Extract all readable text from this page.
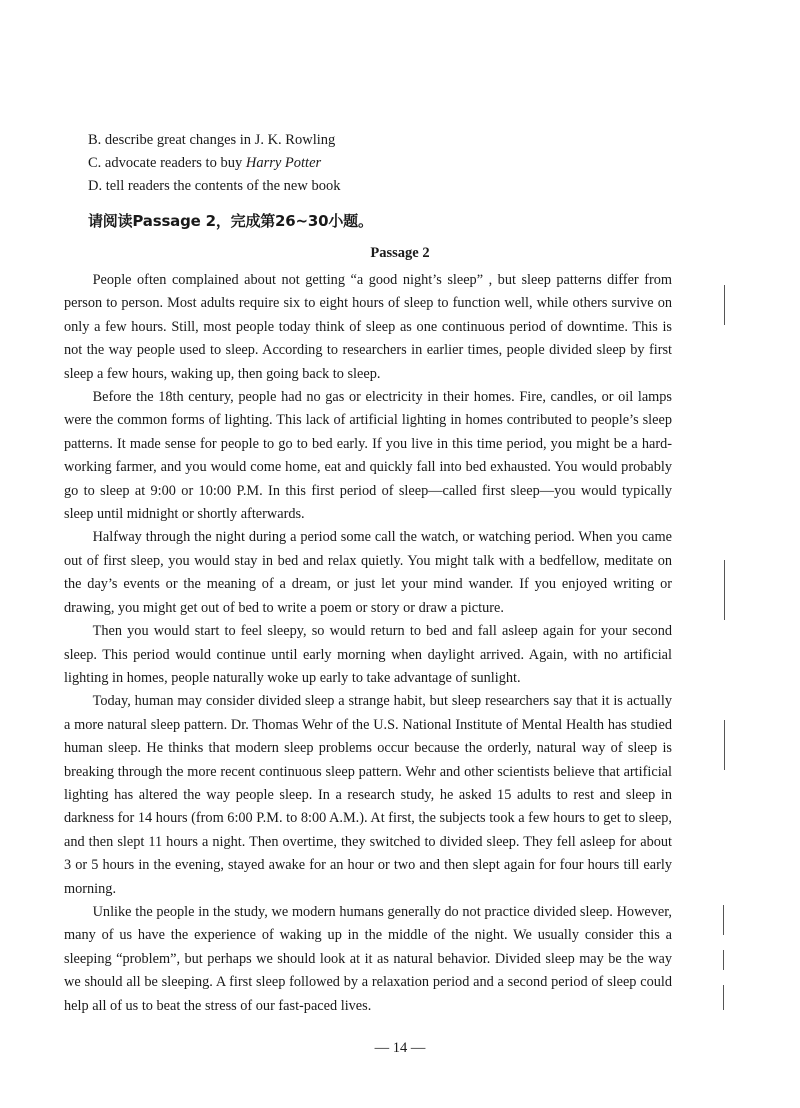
B. describe great changes in J. K. Rowling
C. advocate readers to buy Harry Potter
D. tell readers the contents of the new book
请阅读Passage 2，完成第26~30小题。
Passage 2

People often complained about not getting “a good night’s sleep” , but sleep patterns differ from person to person. Most adults require six to eight hours of sleep to function well, while others survive on only a few hours. Still, most people today think of sleep as one continuous period of downtime. This is not the way people used to sleep. According to researchers in earlier times, people divided sleep by first sleep a few hours, waking up, then going back to sleep.

Before the 18th century, people had no gas or electricity in their homes. Fire, candles, or oil lamps were the common forms of lighting. This lack of artificial lighting in homes contributed to people’s sleep patterns. It made sense for people to go to bed early. If you live in this time period, you might be a hard-working farmer, and you would come home, eat and quickly fall into bed exhausted. You would probably go to sleep at 9:00 or 10:00 P.M. In this first period of sleep—called first sleep—you would typically sleep until midnight or shortly afterwards.

Halfway through the night during a period some call the watch, or watching period. When you came out of first sleep, you would stay in bed and relax quietly. You might talk with a bedfellow, meditate on the day’s events or the meaning of a dream, or just let your mind wander. If you enjoyed writing or drawing, you might get out of bed to write a poem or story or draw a picture.

Then you would start to feel sleepy, so would return to bed and fall asleep again for your second sleep. This period would continue until early morning when daylight arrived. Again, with no artificial lighting in homes, people naturally woke up early to take advantage of sunlight.

Today, human may consider divided sleep a strange habit, but sleep researchers say that it is actually a more natural sleep pattern. Dr. Thomas Wehr of the U.S. National Institute of Mental Health has studied human sleep. He thinks that modern sleep problems occur because the orderly, natural way of sleep is breaking through the more recent continuous sleep pattern. Wehr and other scientists believe that artificial lighting has altered the way people sleep. In a research study, he asked 15 adults to rest and sleep in darkness for 14 hours (from 6:00 P.M. to 8:00 A.M.). At first, the subjects took a few hours to get to sleep, and then slept 11 hours a night. Then overtime, they switched to divided sleep. They fell asleep for about 3 or 5 hours in the evening, stayed awake for an hour or two and then slept again for four hours till early morning.

Unlike the people in the study, we modern humans generally do not practice divided sleep. However, many of us have the experience of waking up in the middle of the night. We usually consider this a sleeping “problem”, but perhaps we should look at it as natural behavior. Divided sleep may be the way we should all be sleeping. A first sleep followed by a relaxation period and a second period of sleep could help all of us to beat the stress of our fast-paced lives.

— 14 —
